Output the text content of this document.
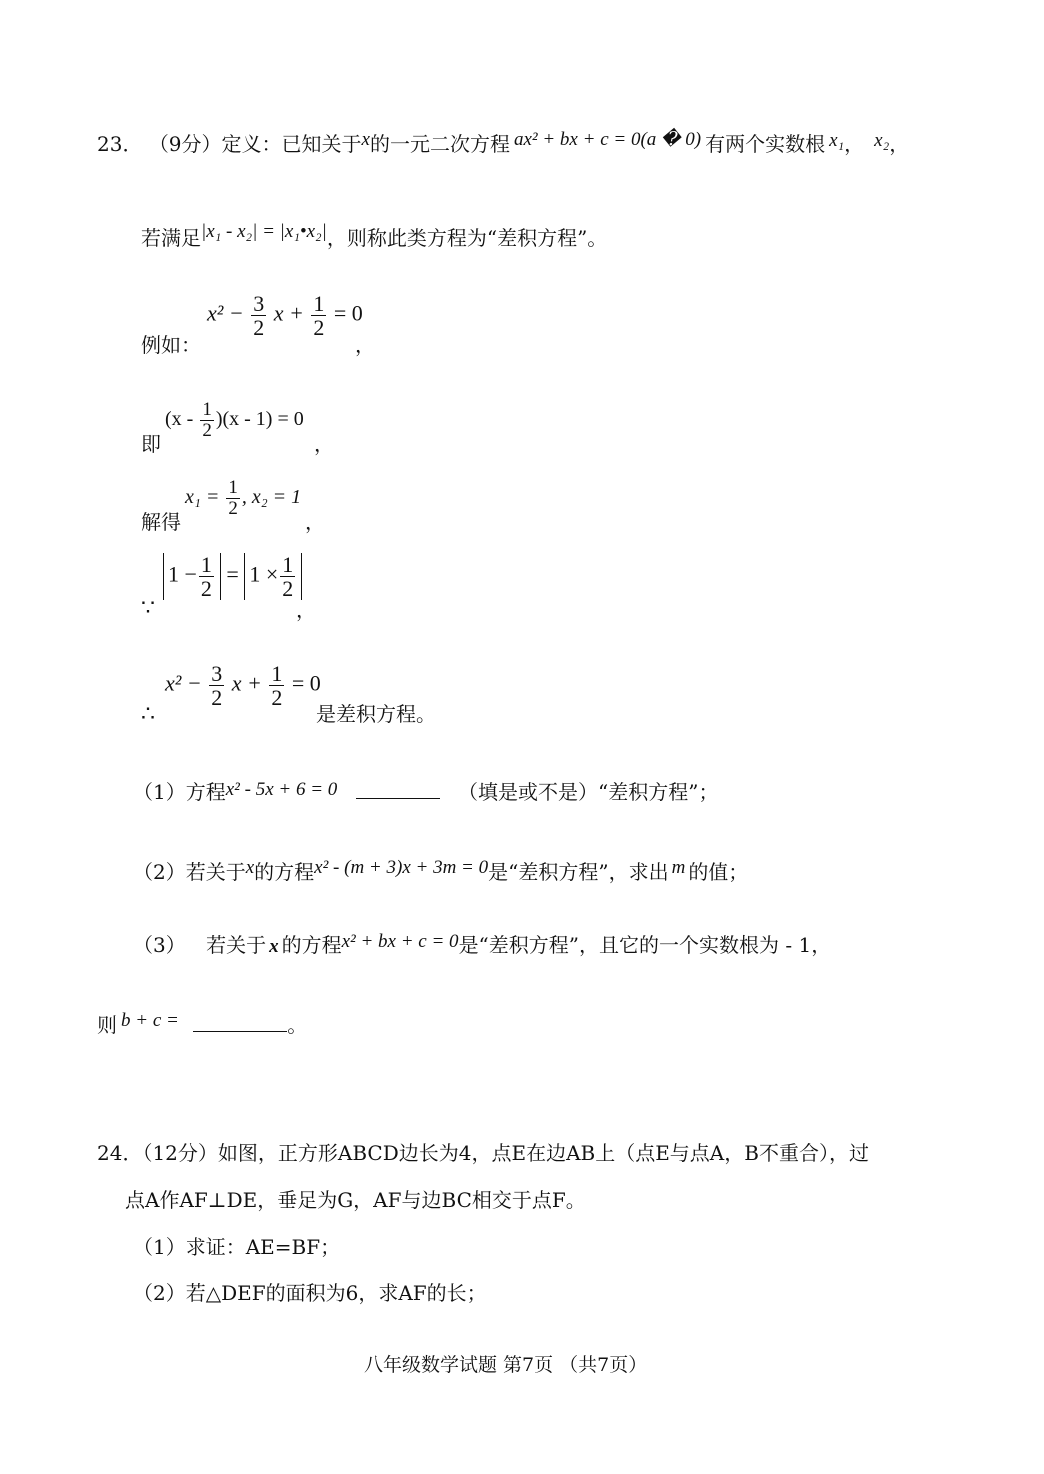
23． （9分）定义：已知关于x的一元二次方程 ax² + bx + c = 0(a � 0) 有两个实数根 x₁， x₂，
若满足|x₁ - x₂| = |x₁•x₂|，则称此类方程为“差积方程”。
例如：
$x^2 - \frac{3}{2}$ $x + \frac{1}{2} = 0$
，
即
$(x - \frac{1}{2} )(x - 1) = 0$
，
解得
$x_1 = \frac{1}{2}$ , x₂ = 1
，
∵
$1 - \frac{1}{2} = 1 \times \frac{1}{2}$
，
∴
$x^2 - \frac{3}{2}$ $x + \frac{1}{2} = 0$
是差积方程。
（1）方程x² - 5x + 6 = 0	（填是或不是）“差积方程”；
（2）若关于x的方程x² - (m + 3)x + 3m = 0是“差积方程”，求出 m 的值；
（3） 若关于 x 的方程x² + bx + c = 0是“差积方程”，且它的一个实数根为 - 1，
则 b + c =	。
24．（12分）如图，正方形ABCD边长为4，点E在边AB上（点E与点A，B不重合），过
点A作AF⊥DE，垂足为G，AF与边BC相交于点F。
（1）求证：AE=BF；
（2）若△DEF的面积为6，求AF的长；
八年级数学试题 第7页 （共7页）
